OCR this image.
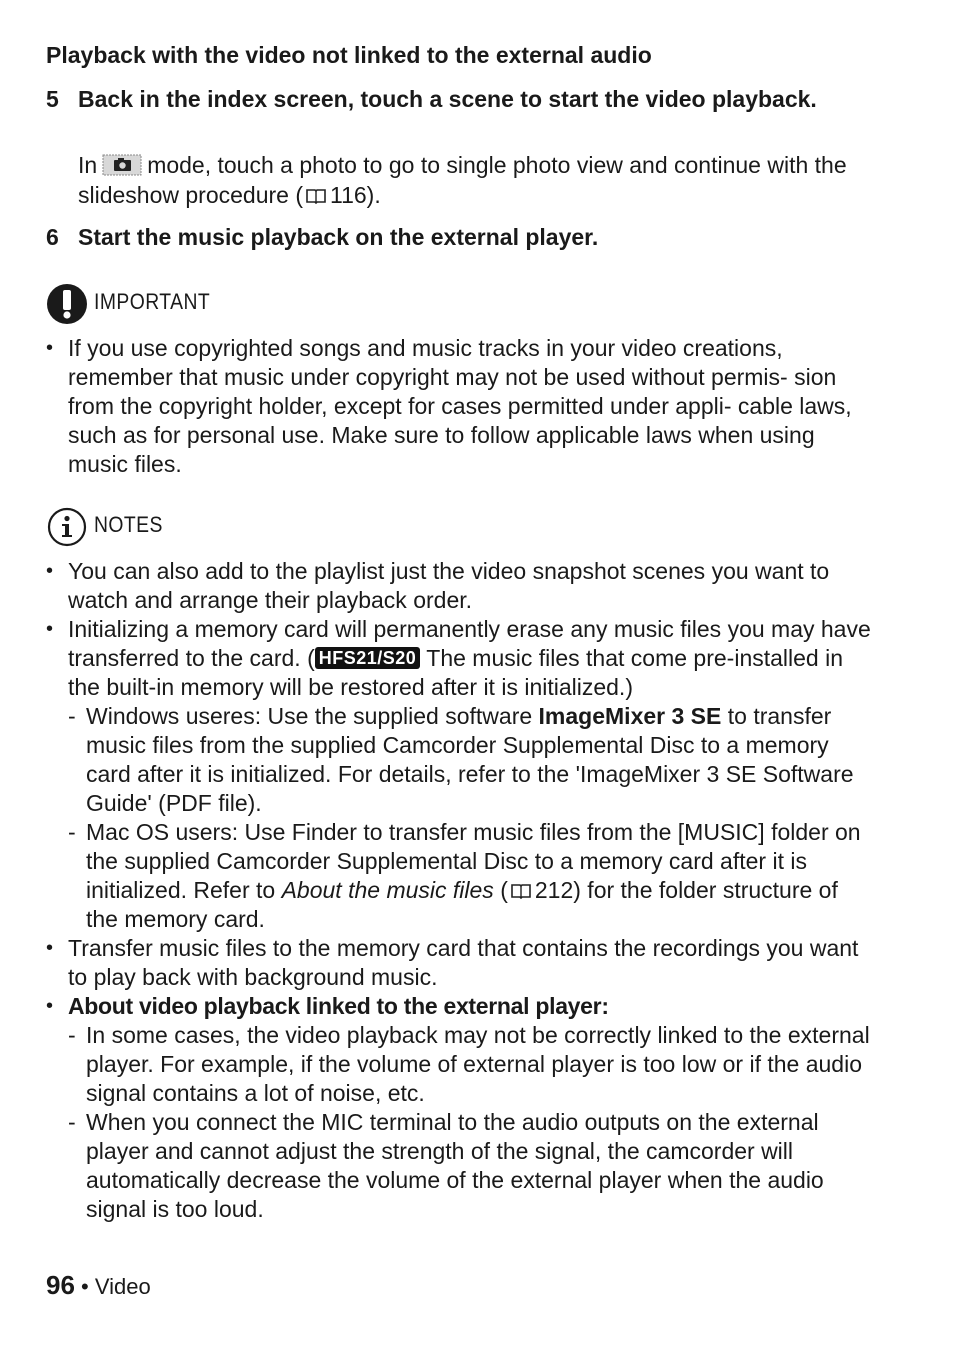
Playback with the video not linked to the external audio
5 Back in the index screen, touch a scene to start the video playback.
In mode, touch a photo to go to single photo view and continue with the slideshow procedure ( 116).
6 Start the music playback on the external player.
IMPORTANT
• If you use copyrighted songs and music tracks in your video creations, remember that music under copyright may not be used without permis- sion from the copyright holder, except for cases permitted under appli- cable laws, such as for personal use. Make sure to follow applicable laws when using music files.
NOTES
• You can also add to the playlist just the video snapshot scenes you want to watch and arrange their playback order.
• Initializing a memory card will permanently erase any music files you may have transferred to the card. ( HFS21/S20 The music files that come pre-installed in the built-in memory will be restored after it is initialized.)
- Windows useres: Use the supplied software ImageMixer 3 SE to transfer music files from the supplied Camcorder Supplemental Disc to a memory card after it is initialized. For details, refer to the 'ImageMixer 3 SE Software Guide' (PDF file).
- Mac OS users: Use Finder to transfer music files from the [MUSIC] folder on the supplied Camcorder Supplemental Disc to a memory card after it is initialized. Refer to About the music files ( 212) for the folder structure of the memory card.
• Transfer music files to the memory card that contains the recordings you want to play back with background music.
• About video playback linked to the external player:
- In some cases, the video playback may not be correctly linked to the external player. For example, if the volume of external player is too low or if the audio signal contains a lot of noise, etc.
- When you connect the MIC terminal to the audio outputs on the external player and cannot adjust the strength of the signal, the camcorder will automatically decrease the volume of the external player when the audio signal is too loud.
96 • Video
